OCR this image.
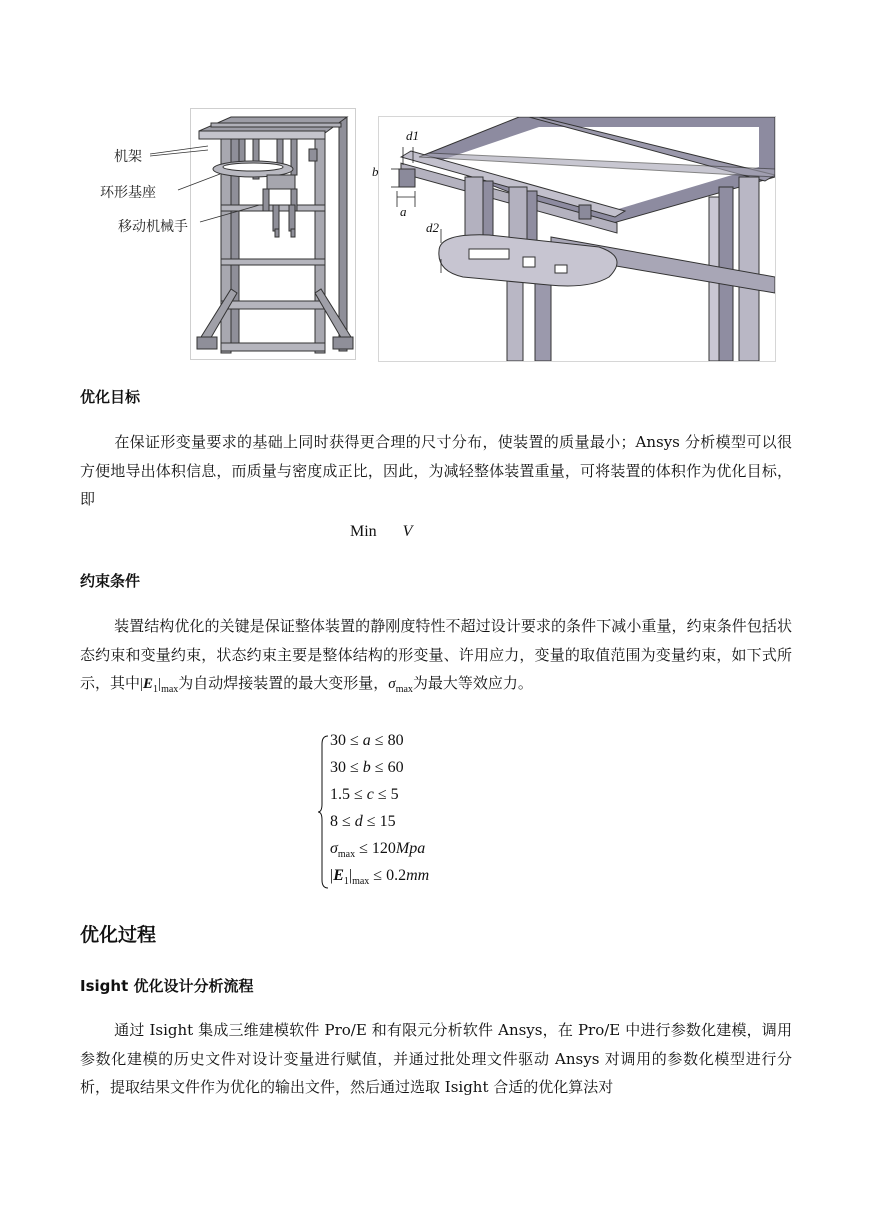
机架
环形基座
移动机械手
d1
b
a
d2
优化目标
在保证形变量要求的基础上同时获得更合理的尺寸分布，使装置的质量最小；Ansys 分析模型可以很方便地导出体积信息，而质量与密度成正比，因此，为减轻整体装置重量，可将装置的体积作为优化目标，即
Min V
约束条件
装置结构优化的关键是保证整体装置的静刚度特性不超过设计要求的条件下减小重量，约束条件包括状态约束和变量约束，状态约束主要是整体结构的形变量、许用应力，变量的取值范围为变量约束，如下式所示，其中$|E_1|_{max}$为自动焊接装置的最大变形量，$\sigma_{max}$为最大等效应力。
30 ≤ a ≤ 80
30 ≤ b ≤ 60
1.5 ≤ c ≤ 5
8 ≤ d ≤ 15
$\sigma_{max} \le 120Mpa$
$|E_1|_{max} \le 0.2mm$
优化过程
Isight 优化设计分析流程
通过 Isight 集成三维建模软件 Pro/E 和有限元分析软件 Ansys，在 Pro/E 中进行参数化建模，调用参数化建模的历史文件对设计变量进行赋值，并通过批处理文件驱动 Ansys 对调用的参数化模型进行分析，提取结果文件作为优化的输出文件，然后通过选取 Isight 合适的优化算法对
